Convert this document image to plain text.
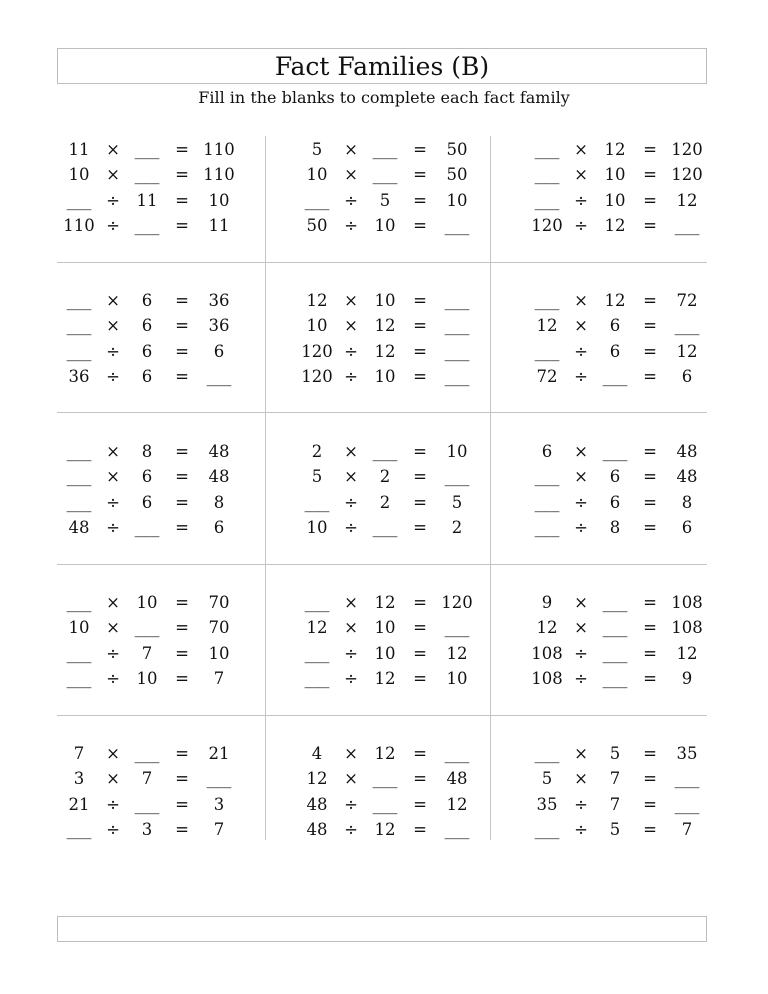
Fact Families (B)
Fill in the blanks to complete each fact family
11	× ___ = 110
10	× ___ = 110
___ ÷	11	=	10
110 ÷ ___ =	11
5	× ___ =	50
10	× ___ =	50
___ ÷	5	=	10
50	÷	10	=	___
___ ×	12	= 120
___ ×	10	= 120
___ ÷	10	=	12
120 ÷	12	=	___
___ ×	6	=	36
___ ×	6	=	36
___ ÷	6	=	6
36	÷	6	=	___
12	×	10	=	___
10	×	12	=	___
120 ÷	12	=	___
120 ÷	10	=	___
___ ×	12	=	72
12	×	6	=	___
___ ÷	6	=	12
72	÷ ___ =	6
___ ×	8	=	48
___ ×	6	=	48
___ ÷	6	=	8
48	÷ ___ =	6
2	× ___ =	10
5	×	2	=	___
___ ÷	2	=	5
10	÷ ___ =	2
6	× ___ =	48
___ ×	6	=	48
___ ÷	6	=	8
___ ÷	8	=	6
___ ×	10	=	70
10	× ___ =	70
___ ÷	7	=	10
___ ÷	10	=	7
___ ×	12	= 120
12	×	10	=	___
___ ÷	10	=	12
___ ÷	12	=	10
9	× ___ = 108
12	× ___ = 108
108 ÷ ___ =	12
108 ÷ ___ =	9
7	× ___ =	21
3	×	7	=	___
21	÷ ___ =	3
___ ÷	3	=	7
4	×	12	=	___
12	× ___ =	48
48	÷ ___ =	12
48	÷	12	=	___
___ ×	5	=	35
5	×	7	=	___
35	÷	7	=	___
___ ÷	5	=	7
